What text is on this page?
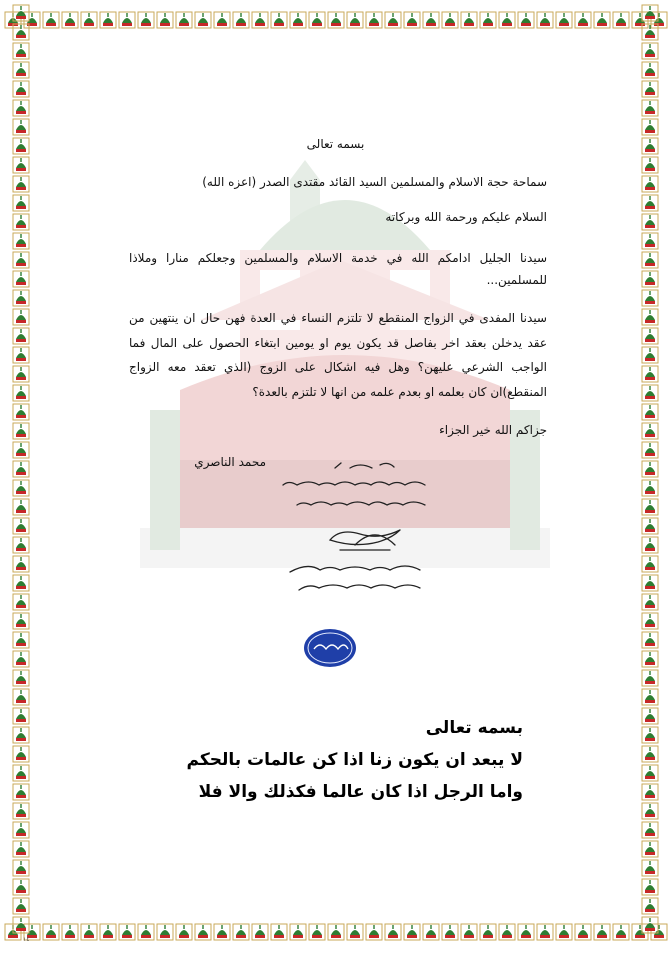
بسمه تعالى
سماحة حجة الاسلام والمسلمين السيد القائد مقتدى الصدر (اعزه الله)
السلام عليكم ورحمة الله وبركاته
سيدنا الجليل ادامكم الله في خدمة الاسلام والمسلمين وجعلكم منارا وملاذا للمسلمين...
سيدنا المفدى في الزواج المنقطع لا تلتزم النساء في العدة فهن حال ان ينتهين من عقد يدخلن بعقد اخر بفاصل قد يكون يوم او يومين ابتغاء الحصول على المال فما الواجب الشرعي عليهن؟ وهل فيه اشكال على الزوج (الذي تعقد معه الزواج المنقطع)ان كان بعلمه او بعدم علمه من انها لا تلتزم بالعدة؟
جزاكم الله خير الجزاء
محمد الناصري
بسمه تعالى
لا يبعد ان يكون زنا اذا كن عالمات بالحكم
واما الرجل اذا كان عالما فكذلك والا فلا
١٤
